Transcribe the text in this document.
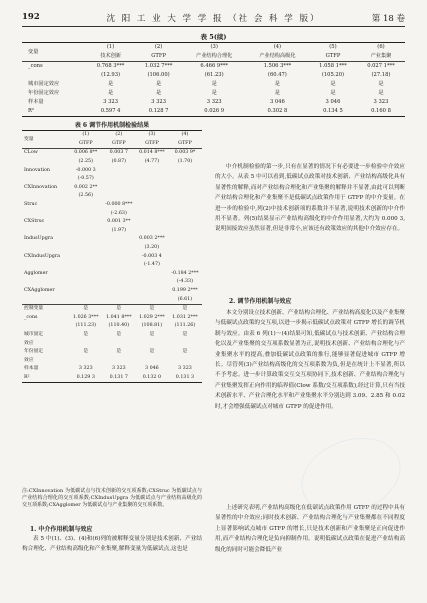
192	沈 阳 工 业 大 学 学 报 （社 会 科 学 版）	第 18 卷
表 5(续)
变量	(1)	(2)	(3)	(4)	(5)	(6)
	技术创新	GTFP	产业结构合理化	产业结构高级化	GTFP	产业集聚
_cons	0.768 3***	1.032 7***	6.466 9***	1.506 3***	1.058 1***	0.027 1***
	(12.93)	(106.00)	(61.23)	(60.47)	(105.20)	(27.18)
城市固定效应	是	是	是	是	是	是
年份固定效应	是	是	是	是	是	是
样本量	3 323	3 323	3 323	3 046	3 046	3 323
R²	0.597 4	0.128 7	0.026 9	0.302 8	0.134 5	0.160 8
表 6 调节作用机制检验结果
变量	(1)	(2)	(3)	(4)
	GTFP	GTFP	GTFP	GTFP
CLow	0.006 8**	0.003 7	0.014 8***	0.003 9*
	(2.25)	(0.87)	(4.77)	(1.70)
Innovation	-0.000 3			
	(-0.57)			
CXInnovation	0.002 2**			
	(2.56)			
Struc		-0.000 8***		
		(-2.63)		
CXStruc		0.001 3**		
		(1.97)		
IndusUpgra			0.003 2***	
			(3.20)	
CXIndusUpgra			-0.003 4	
			(-1.47)	
Agglomer				-0.184 2***
				(-4.33)
CXAgglomer				0.199 2***
				(6.61)
控制变量	是	是	是	是
_cons	1.026 3***	1.041 8***	1.029 2***	1.031 2***
	(111.23)	(110.40)	(108.81)	(111.26)
城市固定	是	是	是	是
效应				
年份固定	是	是	是	是
效应				
样本量	3 323	3 323	3 046	3 323
R²	0.129 3	0.131 7	0.132 0	0.131 3
注:CXInnovation 为低碳试点与技术创新的交互项系数;CXStruc 为低碳试点与产业结构合理化的交互项系数;CXIndusUpgra 为低碳试点与产业结构高级化的交互项系数;CXAgglomer 为低碳试点与产业集聚的交互项系数。
1. 中介作用机制与效应
表 5 中(1)、(3)、(4)和(6)列的被解释变量分别是技术创新、产业结构合理化、产业结构高级化和产业集聚,解释变量为低碳试点,这也是

中介机制检验的第一步,只有在显著的情况下有必要进一步检验中介效应的大小。从表 5 中可以看到,低碳试点政策对技术创新、产业结构高级化具有显著性的解释,而对产业结构合理化和产业集聚的解释并不显著,由此可以判断产业结构合理化和产业集聚不是低碳试点政策作用于 GTFP 的中介变量。在进一步的检验中,列(2)中技术创新项的系数并不显著,说明技术创新的中介作用不显著。列(5)结果显示产业结构高级化的中介作用显著,大约为 0.000 3,说明间接效应虽然显著,但是非常小,应该还有政策效应的其他中介效应存在。

2. 调节作用机制与效应

本文分别设立技术创新、产业结构合理化、产业结构高度化以及产业集聚与低碳试点政策的交互项,以进一步揭示低碳试点政策对 GTFP 增长的调节机制与效应。由表 6 列(1)～(4)结果可知,低碳试点与技术创新、产业结构合理化以及产业集聚的交互项系数显著为正,说明技术创新、产业结构合理化与产业集聚水平的提高,叠加低碳试点政策的推行,能够显著促进城市 GTFP 增长。尽管列(3)产业结构高级化的交互项系数为负,但是在统计上不显著,所以不予考虑。进一步计算政策交互交互项协同下,技术创新、产业结构合理化与产业集聚发挥正向作用的临界值(Clow 系数/交互项系数),经过计算,只有当技术创新水平、产业合理化水平和产业集聚水平分别达到 3.09、2.85 和 0.02 时,才会增强低碳试点对城市 GTFP 的促进作用。

上述研究表明,产业结构高级化在低碳试点政策作用 GTFP 的过程中具有显著性的中介效应;同时技术创新、产业结构合理化与产业集聚都在不同程度上显著影响试点城市 GTFP 的增长,只是技术创新和产业集聚是正向促进作用,而产业结构合理化是负向抑制作用。说明低碳试点政策在促进产业结构高级化的同时可能会降低产业
